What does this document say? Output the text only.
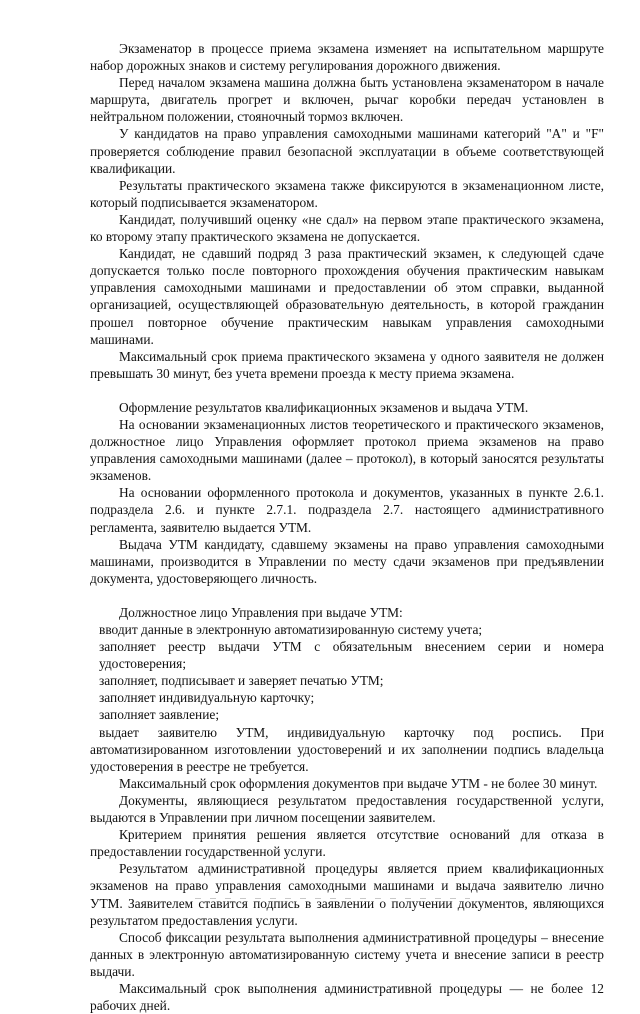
Экзаменатор в процессе приема экзамена изменяет на испытательном маршруте набор дорожных знаков и систему регулирования дорожного движения.

Перед началом экзамена машина должна быть установлена экзаменатором в начале маршрута, двигатель прогрет и включен, рычаг коробки передач установлен в нейтральном положении, стояночный тормоз включен.

У кандидатов на право управления самоходными машинами категорий "А" и "F" проверяется соблюдение правил безопасной эксплуатации в объеме соответствующей квалификации.

Результаты практического экзамена также фиксируются в экзаменационном листе, который подписывается экзаменатором.

Кандидат, получивший оценку «не сдал» на первом этапе практического экзамена, ко второму этапу практического экзамена не допускается.

Кандидат, не сдавший подряд 3 раза практический экзамен, к следующей сдаче допускается только после повторного прохождения обучения практическим навыкам управления самоходными машинами и предоставлении об этом справки, выданной организацией, осуществляющей образовательную деятельность, в которой гражданин прошел повторное обучение практическим навыкам управления самоходными машинами.

Максимальный срок приема практического экзамена у одного заявителя не должен превышать 30 минут, без учета времени проезда к месту приема экзамена.

Оформление результатов квалификационных экзаменов и выдача УТМ.

На основании экзаменационных листов теоретического и практического экзаменов, должностное лицо Управления оформляет протокол приема экзаменов на право управления самоходными машинами (далее – протокол), в который заносятся результаты экзаменов.

На основании оформленного протокола и документов, указанных в пункте 2.6.1. подраздела 2.6. и пункте 2.7.1. подраздела 2.7. настоящего административного регламента, заявителю выдается УТМ.

Выдача УТМ кандидату, сдавшему экзамены на право управления самоходными машинами, производится в Управлении по месту сдачи экзаменов при предъявлении документа, удостоверяющего личность.

Должностное лицо Управления при выдаче УТМ:

вводит данные в электронную автоматизированную систему учета;

заполняет реестр выдачи УТМ с обязательным внесением серии и номера удостоверения;

заполняет, подписывает и заверяет печатью УТМ;

заполняет индивидуальную карточку;

заполняет заявление;

выдает заявителю УТМ, индивидуальную карточку под роспись. При автоматизированном изготовлении удостоверений и их заполнении подпись владельца удостоверения в реестре не требуется.

Максимальный срок оформления документов при выдаче УТМ - не более 30 минут.

Документы, являющиеся результатом предоставления государственной услуги, выдаются в Управлении при личном посещении заявителем.

Критерием принятия решения является отсутствие оснований для отказа в предоставлении государственной услуги.

Результатом административной процедуры является прием квалификационных экзаменов на право управления самоходными машинами и выдача заявителю лично УТМ. Заявителем ставится подпись в заявлении о получении документов, являющихся результатом предоставления услуги.

Способ фиксации результата выполнения административной процедуры – внесение данных в электронную автоматизированную систему учета и внесение записи в реестр выдачи.

Максимальный срок выполнения административной процедуры — не более 12 рабочих дней.
